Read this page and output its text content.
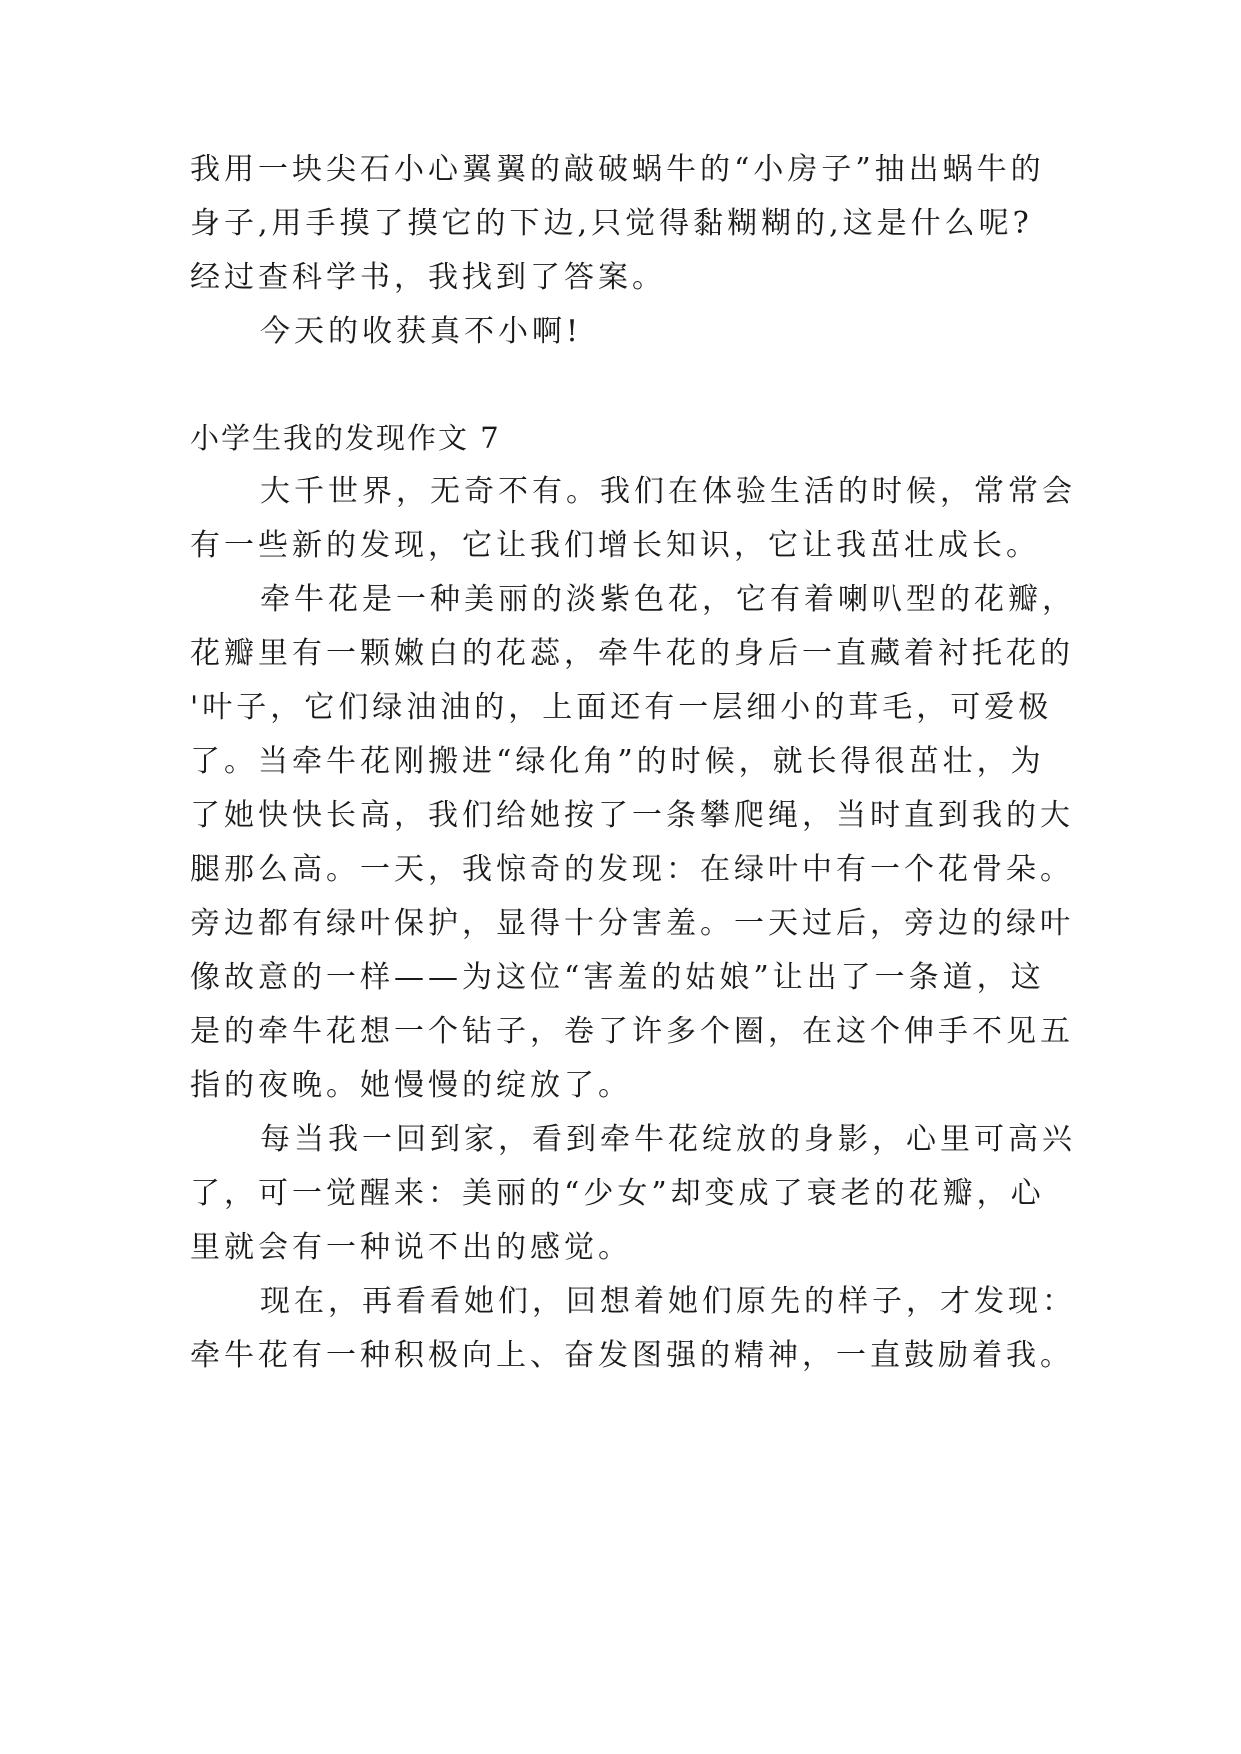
我用一块尖石小心翼翼的敲破蜗牛的“小房子”抽出蜗牛的
身子,用手摸了摸它的下边,只觉得黏糊糊的,这是什么呢?
经过查科学书，我找到了答案。
今天的收获真不小啊!
小学生我的发现作文 7
大千世界，无奇不有。我们在体验生活的时候，常常会
有一些新的发现，它让我们增长知识，它让我茁壮成长。
牵牛花是一种美丽的淡紫色花，它有着喇叭型的花瓣，
花瓣里有一颗嫩白的花蕊，牵牛花的身后一直藏着衬托花的
'叶子，它们绿油油的，上面还有一层细小的茸毛，可爱极
了。当牵牛花刚搬进“绿化角”的时候，就长得很茁壮，为
了她快快长高，我们给她按了一条攀爬绳，当时直到我的大
腿那么高。一天，我惊奇的发现：在绿叶中有一个花骨朵。
旁边都有绿叶保护，显得十分害羞。一天过后，旁边的绿叶
像故意的一样——为这位“害羞的姑娘”让出了一条道，这
是的牵牛花想一个钻子，卷了许多个圈，在这个伸手不见五
指的夜晚。她慢慢的绽放了。
每当我一回到家，看到牵牛花绽放的身影，心里可高兴
了，可一觉醒来：美丽的“少女”却变成了衰老的花瓣，心
里就会有一种说不出的感觉。
现在，再看看她们，回想着她们原先的样子，才发现：
牵牛花有一种积极向上、奋发图强的精神，一直鼓励着我。
